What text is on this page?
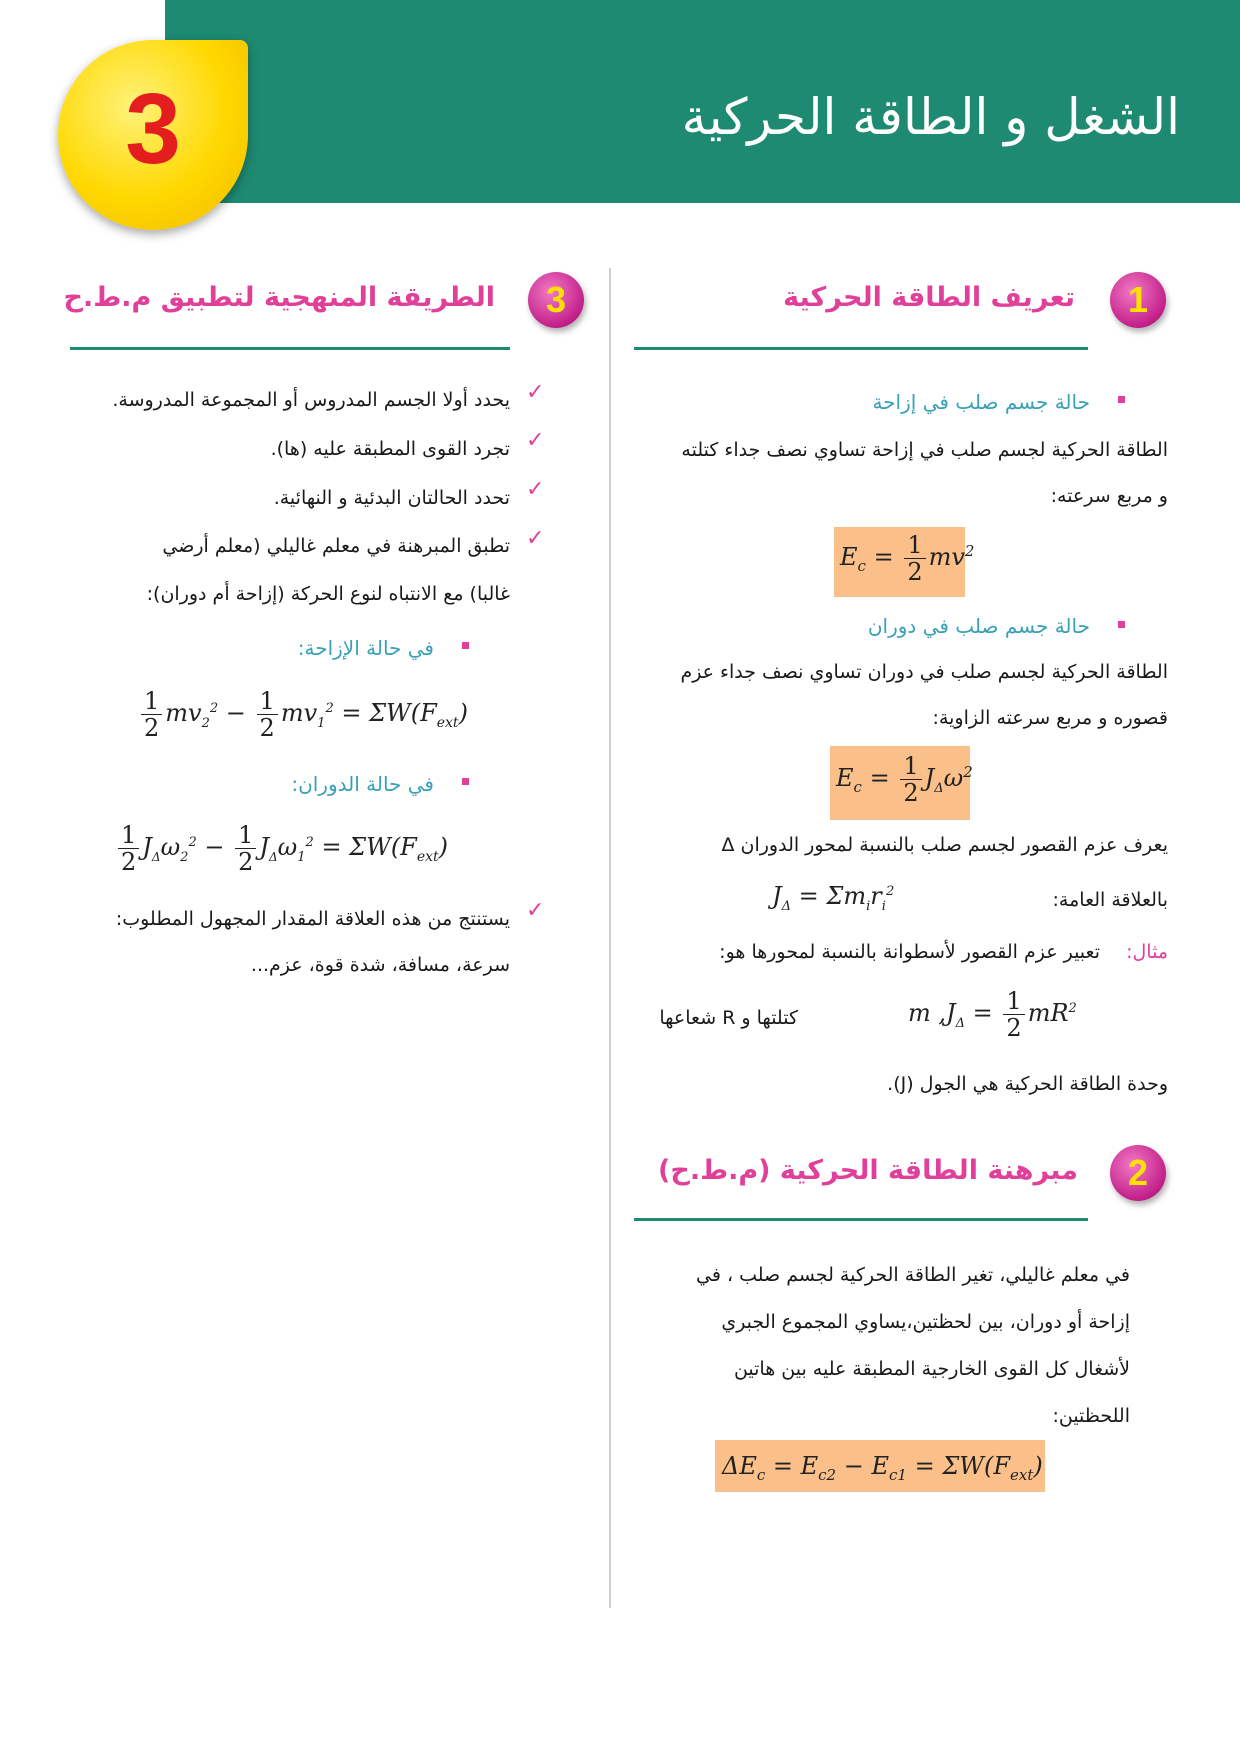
الشغل و الطاقة الحركية
3
1
تعريف الطاقة الحركية
حالة جسم صلب في إزاحة
الطاقة الحركية لجسم صلب في إزاحة تساوي نصف جداء كتلته
و مربع سرعته:
$E_c = \frac{1}{2} mv^2$
حالة جسم صلب في دوران
الطاقة الحركية لجسم صلب في دوران تساوي نصف جداء عزم
قصوره و مربع سرعته الزاوية:
$E_c = \frac{1}{2} J_\Delta\omega^2$
يعرف عزم القصور لجسم صلب بالنسبة لمحور الدوران Δ
$J_\Delta = \Sigma m_ir_i^2$	بالعلاقة العامة:
مثال:
تعبير عزم القصور لأسطوانة بالنسبة لمحورها هو:
كتلتها و R شعاعها	m $,J_\Delta = \frac{1}{2} mR^2$
وحدة الطاقة الحركية هي الجول (J).
2
مبرهنة الطاقة الحركية (م.ط.ح)
في معلم غاليلي، تغير الطاقة الحركية لجسم صلب ، في
إزاحة أو دوران، بين لحظتين،يساوي المجموع الجبري
لأشغال كل القوى الخارجية المطبقة عليه بين هاتين
اللحظتين:
$\Delta E_c = E_{c2} - E_{c1} = \Sigma W(F_{ext})$
3
الطريقة المنهجية لتطبيق م.ط.ح
✓
يحدد أولا الجسم المدروس أو المجموعة المدروسة.
✓
تجرد القوى المطبقة عليه (ها).
✓
تحدد الحالتان البدئية و النهائية.
✓
تطبق المبرهنة في معلم غاليلي (معلم أرضي
غالبا) مع الانتباه لنوع الحركة (إزاحة أم دوران):
في حالة الإزاحة:
$\frac{1}{2} mv_2^2 - \frac{1}{2} mv_1^2 = \Sigma W(F_{ext})$
في حالة الدوران:
$\frac{1}{2} J_\Delta\omega_2^2 - \frac{1}{2} J_\Delta\omega_1^2 = \Sigma W(F_{ext})$
✓
يستنتج من هذه العلاقة المقدار المجهول المطلوب:
سرعة، مسافة، شدة قوة، عزم...
